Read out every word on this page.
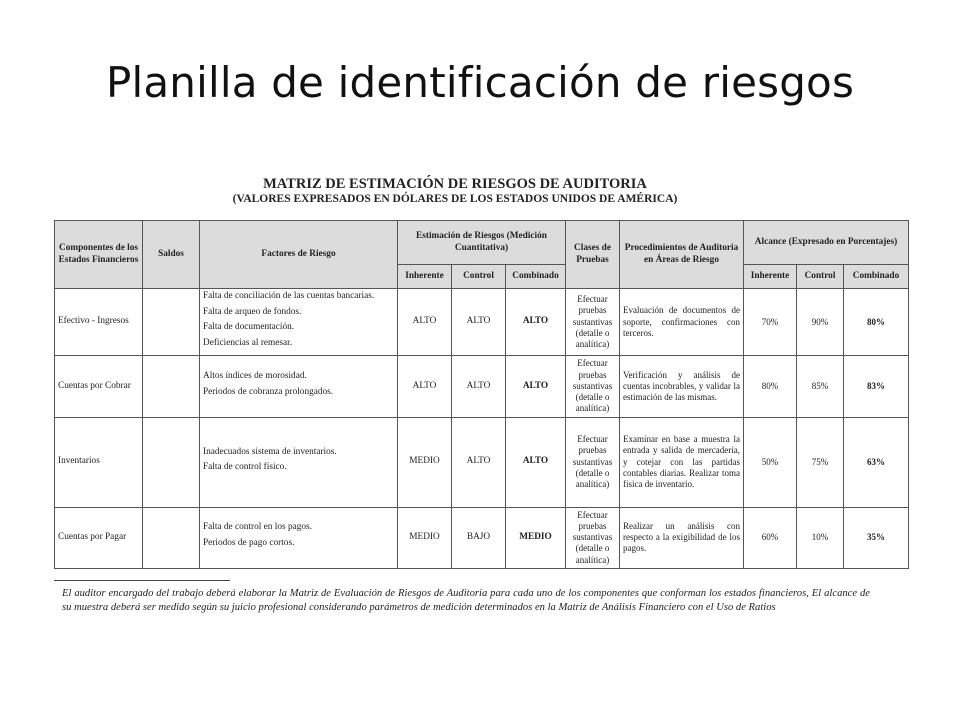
Planilla de identificación de riesgos
MATRIZ DE ESTIMACIÓN DE RIESGOS DE AUDITORIA
(VALORES EXPRESADOS EN DÓLARES DE LOS ESTADOS UNIDOS DE AMÉRICA)
Componentes de los Estados Financieros	Saldos	Factores de Riesgo	Estimación de Riesgos (Medición Cuantitativa)			Clases de Pruebas	Procedimientos de Auditoria en Áreas de Riesgo	Alcance (Expresado en Porcentajes)		
			Inherente	Control	Combinado			Inherente	Control	Combinado
Efectivo - Ingresos		Falta de conciliación de las cuentas bancarias.
Falta de arqueo de fondos.
Falta de documentación.
Deficiencias al remesar.	ALTO	ALTO	ALTO	Efectuar pruebas sustantivas (detalle o analítica)	Evaluación de documentos de soporte, confirmaciones con terceros.	70%	90%	80%
Cuentas por Cobrar		Altos índices de morosidad.
Periodos de cobranza prolongados.	ALTO	ALTO	ALTO	Efectuar pruebas sustantivas (detalle o analítica)	Verificación y análisis de cuentas incobrables, y validar la estimación de las mismas.	80%	85%	83%
Inventarios		Inadecuados sistema de inventarios.
Falta de control físico.	MEDIO	ALTO	ALTO	Efectuar pruebas sustantivas (detalle o analítica)	Examinar en base a muestra la entrada y salida de mercadería, y cotejar con las partidas contables diarias. Realizar toma física de inventario.	50%	75%	63%
Cuentas por Pagar		Falta de control en los pagos.
Periodos de pago cortos.	MEDIO	BAJO	MEDIO	Efectuar pruebas sustantivas (detalle o analítica)	Realizar un análisis con respecto a la exigibilidad de los pagos.	60%	10%	35%
El auditor encargado del trabajo deberá elaborar la Matriz de Evaluación de Riesgos de Auditoria para cada uno de los componentes que conforman los estados financieros, El alcance de su muestra deberá ser medido según su juicio profesional considerando parámetros de medición determinados en la Matriz de Análisis Financiero con el Uso de Ratios
